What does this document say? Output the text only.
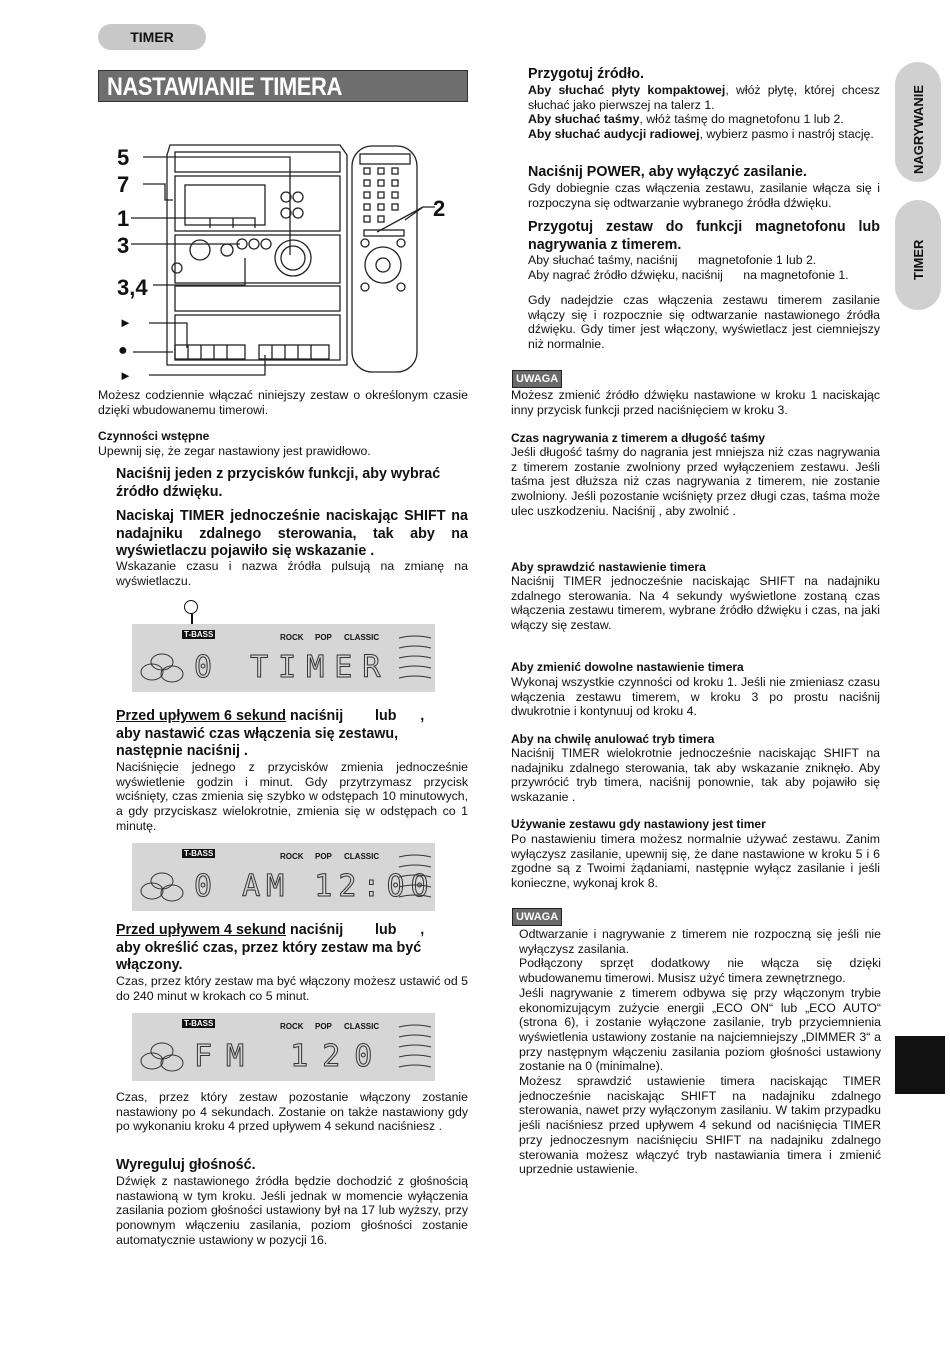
TIMER
NASTAWIANIE TIMERA	NAGRYWANIE
TIMER
5
7
1
3
3,4
2
►
●
►
Możesz codziennie włączać niniejszy zestaw o określonym czasie dzięki wbudowanemu timerowi.
Czynności wstępne
Upewnij się, że zegar nastawiony jest prawidłowo.
Naciśnij jeden z przycisków funkcji, aby wybrać źródło dźwięku.
Naciskaj TIMER jednocześnie naciskając SHIFT na nadajniku zdalnego sterowania, tak aby na wyświetlaczu pojawiło się wskazanie .
Wskazanie czasu i nazwa źródła pulsują na zmianę na wyświetlaczu.
T-BASS	ROCK POP CLASSIC
0 TIMER
Przed upływem 6 sekund naciśnij        lub      ,
aby nastawić czas włączenia się zestawu, następnie naciśnij .
Naciśnięcie jednego z przycisków zmienia jednocześnie wyświetlenie godzin i minut. Gdy przytrzymasz przycisk wciśnięty, czas zmienia się szybko w odstępach 10 minutowych, a gdy przyciskasz wielokrotnie, zmienia się w odstępach co 1 minutę.
T-BASS	ROCK POP CLASSIC
0 AM 12:00
Przed upływem 4 sekund naciśnij        lub      ,
aby określić czas, przez który zestaw ma być włączony.
Czas, przez który zestaw ma być włączony możesz ustawić od 5 do 240 minut w krokach co 5 minut.
T-BASS	ROCK POP CLASSIC
FM 120
Czas, przez który zestaw pozostanie włączony zostanie nastawiony po 4 sekundach. Zostanie on także nastawiony gdy po wykonaniu kroku 4 przed upływem 4 sekund naciśniesz .
Wyreguluj głośność.
Dźwięk z nastawionego źródła będzie dochodzić z głośnością nastawioną w tym kroku. Jeśli jednak w momencie wyłączenia zasilania poziom głośności ustawiony był na 17 lub wyższy, przy ponownym włączeniu zasilania, poziom głośności zostanie automatycznie ustawiony w pozycji 16.
Przygotuj źródło.
Aby słuchać płyty kompaktowej, włóż płytę, której chcesz słuchać jako pierwszej na talerz 1.
Aby słuchać taśmy, włóż taśmę do magnetofonu 1 lub 2.
Aby słuchać audycji radiowej, wybierz pasmo i nastrój stację.
Naciśnij POWER, aby wyłączyć zasilanie.
Gdy dobiegnie czas włączenia zestawu, zasilanie włącza się i rozpoczyna się odtwarzanie wybranego źródła dźwięku.
Przygotuj zestaw do funkcji magnetofonu lub nagrywania z timerem.
Aby słuchać taśmy, naciśnij      magnetofonie 1 lub 2.
Aby nagrać źródło dźwięku, naciśnij      na magnetofonie 1.
Gdy nadejdzie czas włączenia zestawu timerem zasilanie włączy się i rozpocznie się odtwarzanie nastawionego źródła dźwięku. Gdy timer jest włączony, wyświetlacz jest ciemniejszy niż normalnie.
UWAGA
Możesz zmienić źródło dźwięku nastawione w kroku 1 naciskając inny przycisk funkcji przed naciśnięciem w kroku 3.
Czas nagrywania z timerem a długość taśmy
Jeśli długość taśmy do nagrania jest mniejsza niż czas nagrywania z timerem zostanie zwolniony przed wyłączeniem zestawu. Jeśli taśma jest dłuższa niż czas nagrywania z timerem, nie zostanie zwolniony. Jeśli pozostanie wciśnięty przez długi czas, taśma może ulec uszkodzeniu. Naciśnij , aby zwolnić .
Aby sprawdzić nastawienie timera
Naciśnij TIMER jednocześnie naciskając SHIFT na nadajniku zdalnego sterowania. Na 4 sekundy wyświetlone zostaną czas włączenia zestawu timerem, wybrane źródło dźwięku i czas, na jaki włączy się zestaw.
Aby zmienić dowolne nastawienie timera
Wykonaj wszystkie czynności od kroku 1. Jeśli nie zmieniasz czasu włączenia zestawu timerem, w kroku 3 po prostu naciśnij dwukrotnie i kontynuuj od kroku 4.
Aby na chwilę anulować tryb timera
Naciśnij TIMER wielokrotnie jednocześnie naciskając SHIFT na nadajniku zdalnego sterowania, tak aby wskazanie zniknęło. Aby przywrócić tryb timera, naciśnij ponownie, tak aby pojawiło się wskazanie .
Używanie zestawu gdy nastawiony jest timer
Po nastawieniu timera możesz normalnie używać zestawu. Zanim wyłączysz zasilanie, upewnij się, że dane nastawione w kroku 5 i 6 zgodne są z Twoimi żądaniami, następnie wyłącz zasilanie i jeśli konieczne, wykonaj krok 8.
UWAGA
Odtwarzanie i nagrywanie z timerem nie rozpoczną się jeśli nie wyłączysz zasilania.
Podłączony sprzęt dodatkowy nie włącza się dzięki wbudowanemu timerowi. Musisz użyć timera zewnętrznego.
Jeśli nagrywanie z timerem odbywa się przy włączonym trybie ekonomizującym zużycie energii „ECO ON“ lub „ECO AUTO“ (strona 6), i zostanie wyłączone zasilanie, tryb przyciemnienia wyświetlenia ustawiony zostanie na najciemniejszy „DIMMER 3“ a przy następnym włączeniu zasilania poziom głośności ustawiony zostanie na 0 (minimalne).
Możesz sprawdzić ustawienie timera naciskając TIMER jednocześnie naciskając SHIFT na nadajniku zdalnego sterowania, nawet przy wyłączonym zasilaniu. W takim przypadku jeśli naciśniesz przed upływem 4 sekund od naciśnięcia TIMER przy jednoczesnym naciśnięciu SHIFT na nadajniku zdalnego sterowania możesz włączyć tryb nastawiania timera i zmienić uprzednie ustawienie.
